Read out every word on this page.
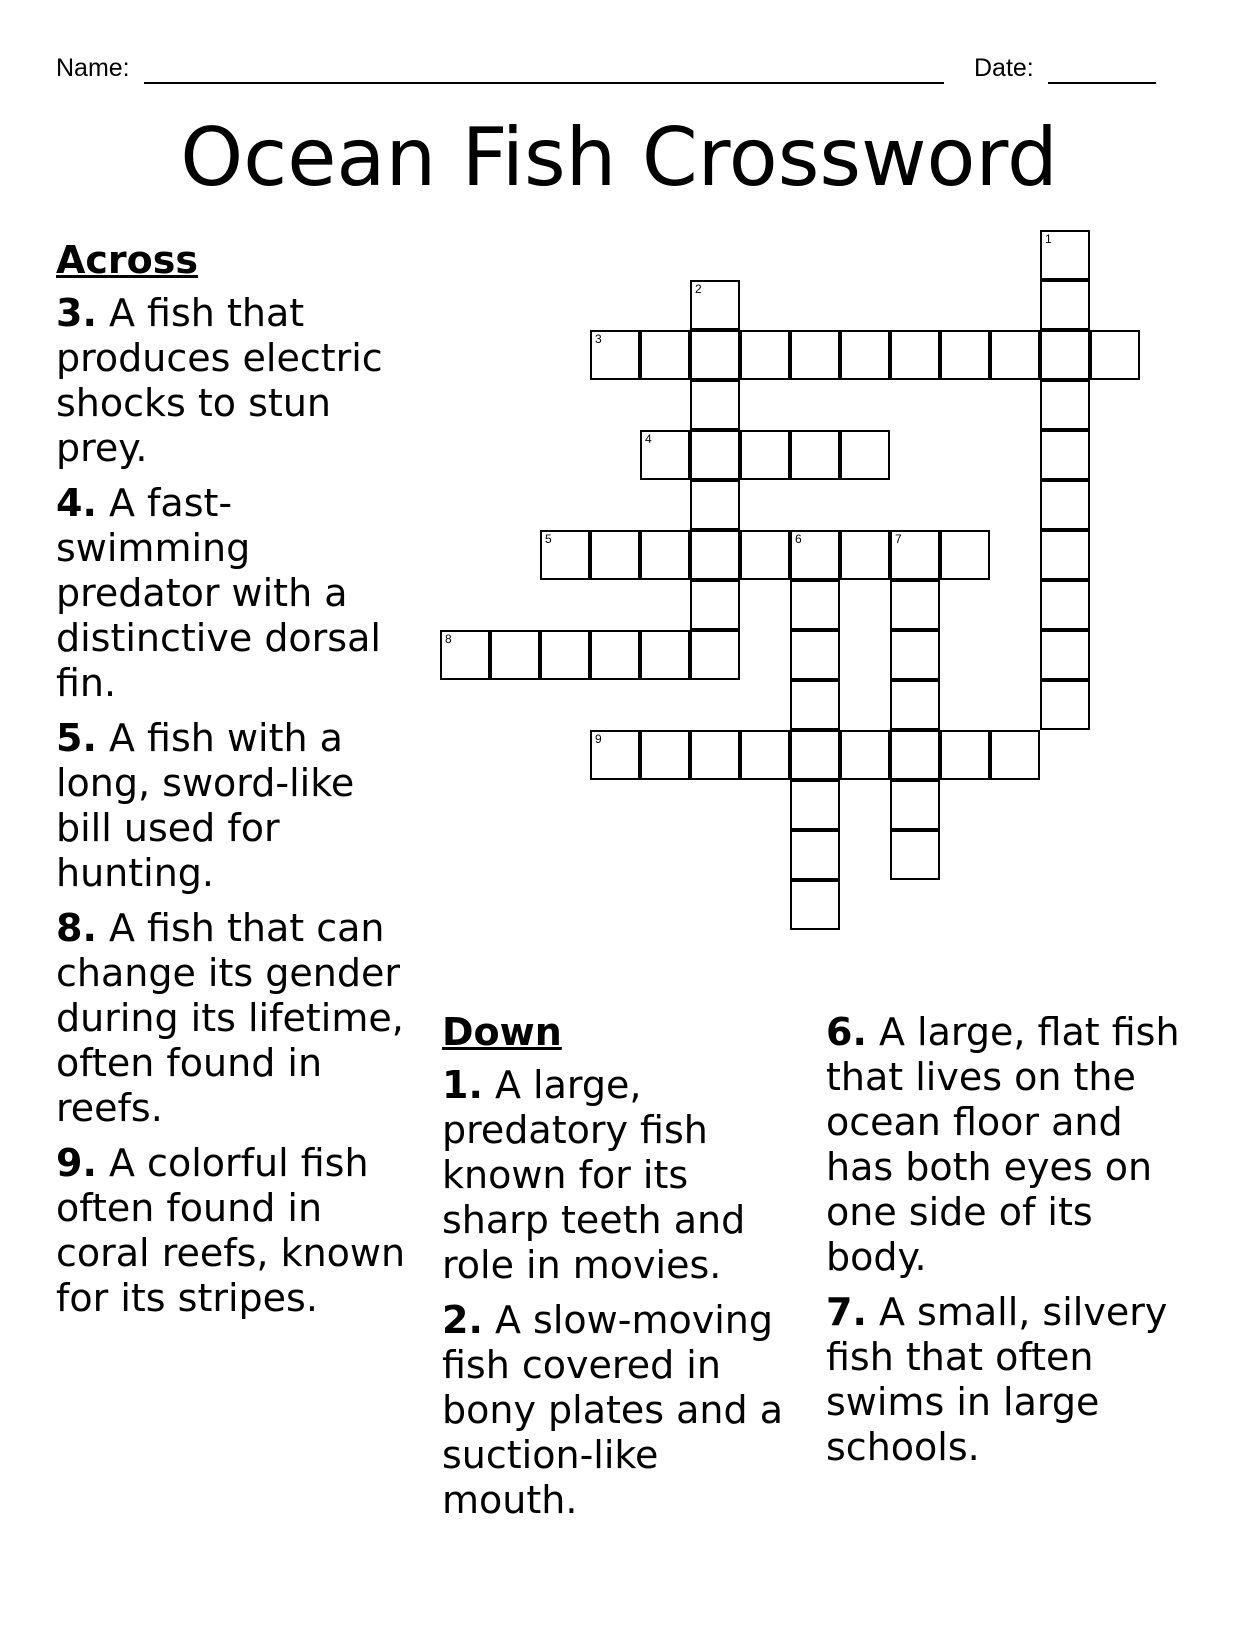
Name:	Date:
Ocean Fish Crossword
1
2
3
4
5	6	7
8
9
Across
3. A fish that produces electric shocks to stun prey.
4. A fast-swimming predator with a distinctive dorsal fin.
5. A fish with a long, sword-like bill used for hunting.
8. A fish that can change its gender during its lifetime, often found in reefs.
9. A colorful fish often found in coral reefs, known for its stripes.
Down
1. A large, predatory fish known for its sharp teeth and role in movies.
2. A slow-moving fish covered in bony plates and a suction-like mouth.
6. A large, flat fish that lives on the ocean floor and has both eyes on one side of its body.
7. A small, silvery fish that often swims in large schools.
